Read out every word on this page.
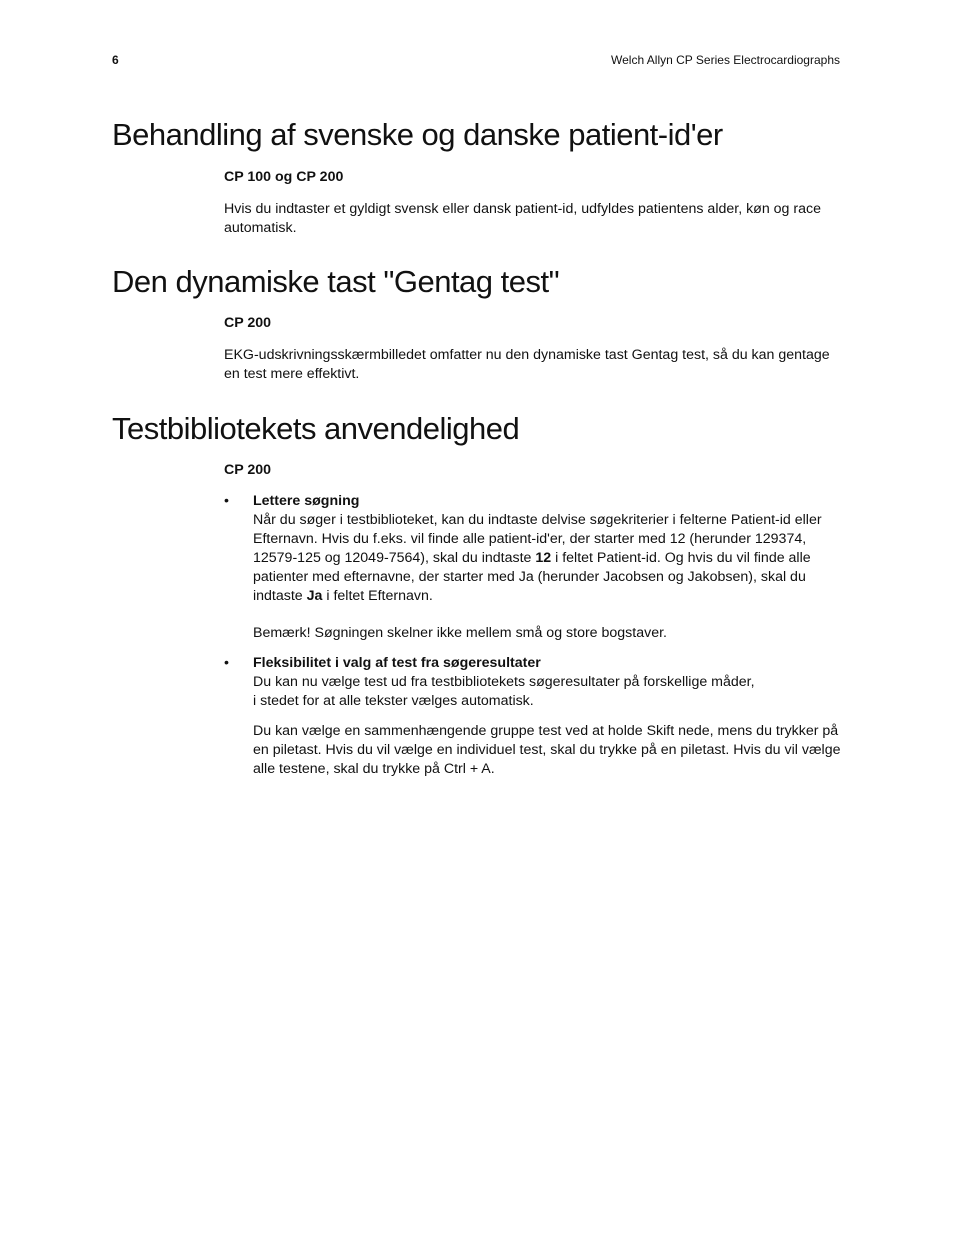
6	Welch Allyn CP Series Electrocardiographs
Behandling af svenske og danske patient-id'er

CP 100 og CP 200

Hvis du indtaster et gyldigt svensk eller dansk patient-id, udfyldes patientens alder, køn og race automatisk.

Den dynamiske tast "Gentag test"

CP 200

EKG-udskrivningsskærmbilledet omfatter nu den dynamiske tast Gentag test, så du kan gentage en test mere effektivt.

Testbibliotekets anvendelighed

CP 200

• Lettere søgning

Når du søger i testbiblioteket, kan du indtaste delvise søgekriterier i felterne Patient-id eller Efternavn. Hvis du f.eks. vil finde alle patient-id'er, der starter med 12 (herunder 129374, 12579-125 og 12049-7564), skal du indtaste 12 i feltet Patient-id. Og hvis du vil finde alle patienter med efternavne, der starter med Ja (herunder Jacobsen og Jakobsen), skal du indtaste Ja i feltet Efternavn.

Bemærk! Søgningen skelner ikke mellem små og store bogstaver.

• Fleksibilitet i valg af test fra søgeresultater

Du kan nu vælge test ud fra testbibliotekets søgeresultater på forskellige måder,

i stedet for at alle tekster vælges automatisk.

Du kan vælge en sammenhængende gruppe test ved at holde Skift nede, mens du trykker på en piletast. Hvis du vil vælge en individuel test, skal du trykke på en piletast. Hvis du vil vælge alle testene, skal du trykke på Ctrl + A.
